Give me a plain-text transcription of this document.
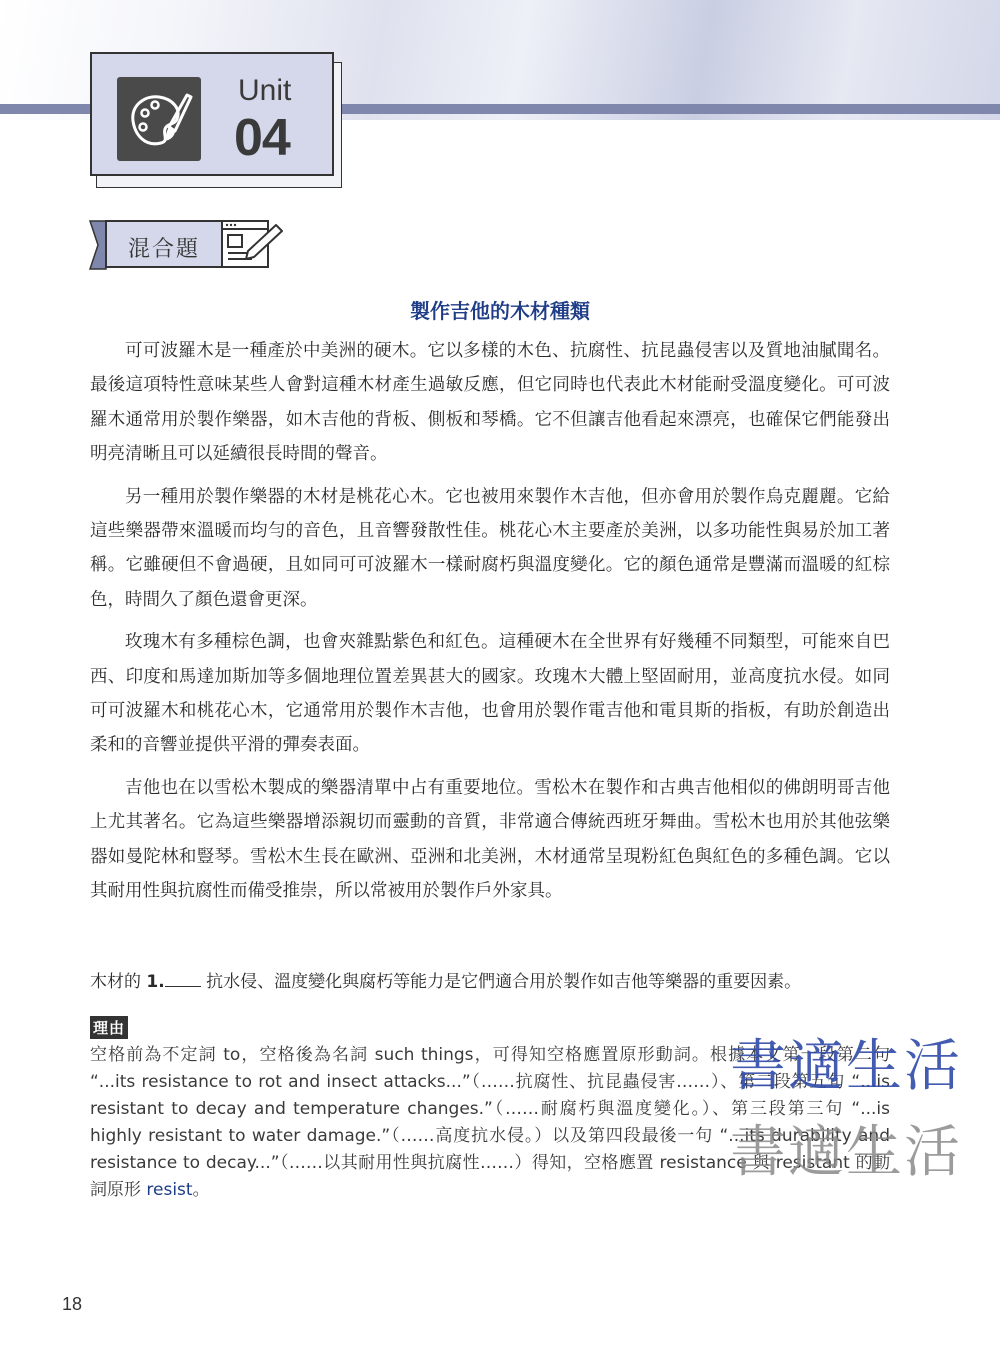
Unit
04
混合題
製作吉他的木材種類

可可波羅木是一種產於中美洲的硬木。它以多樣的木色、抗腐性、抗昆蟲侵害以及質地油膩聞名。最後這項特性意味某些人會對這種木材產生過敏反應，但它同時也代表此木材能耐受溫度變化。可可波羅木通常用於製作樂器，如木吉他的背板、側板和琴橋。它不但讓吉他看起來漂亮，也確保它們能發出明亮清晰且可以延續很長時間的聲音。

另一種用於製作樂器的木材是桃花心木。它也被用來製作木吉他，但亦會用於製作烏克麗麗。它給這些樂器帶來溫暖而均勻的音色，且音響發散性佳。桃花心木主要產於美洲，以多功能性與易於加工著稱。它雖硬但不會過硬，且如同可可波羅木一樣耐腐朽與溫度變化。它的顏色通常是豐滿而溫暖的紅棕色，時間久了顏色還會更深。

玫瑰木有多種棕色調，也會夾雜點紫色和紅色。這種硬木在全世界有好幾種不同類型，可能來自巴西、印度和馬達加斯加等多個地理位置差異甚大的國家。玫瑰木大體上堅固耐用，並高度抗水侵。如同可可波羅木和桃花心木，它通常用於製作木吉他，也會用於製作電吉他和電貝斯的指板，有助於創造出柔和的音響並提供平滑的彈奏表面。

吉他也在以雪松木製成的樂器清單中占有重要地位。雪松木在製作和古典吉他相似的佛朗明哥吉他上尤其著名。它為這些樂器增添親切而靈動的音質，非常適合傳統西班牙舞曲。雪松木也用於其他弦樂器如曼陀林和豎琴。雪松木生長在歐洲、亞洲和北美洲，木材通常呈現粉紅色與紅色的多種色調。它以其耐用性與抗腐性而備受推崇，所以常被用於製作戶外家具。

木材的 1. 抗水侵、溫度變化與腐朽等能力是它們適合用於製作如吉他等樂器的重要因素。
理由
空格前為不定詞 to，空格後為名詞 such things，可得知空格應置原形動詞。根據本文第一段第二句 “...its resistance to rot and insect attacks...”（……抗腐性、抗昆蟲侵害……）、第二段第五句 “...is resistant to decay and temperature changes.”（……耐腐朽與溫度變化。）、第三段第三句 “...is highly resistant to water damage.”（……高度抗水侵。）以及第四段最後一句 “...its durability and resistance to decay...”（……以其耐用性與抗腐性……）得知，空格應置 resistance 與 resistant 的動詞原形 resist。
書適生活
書適生活
18
